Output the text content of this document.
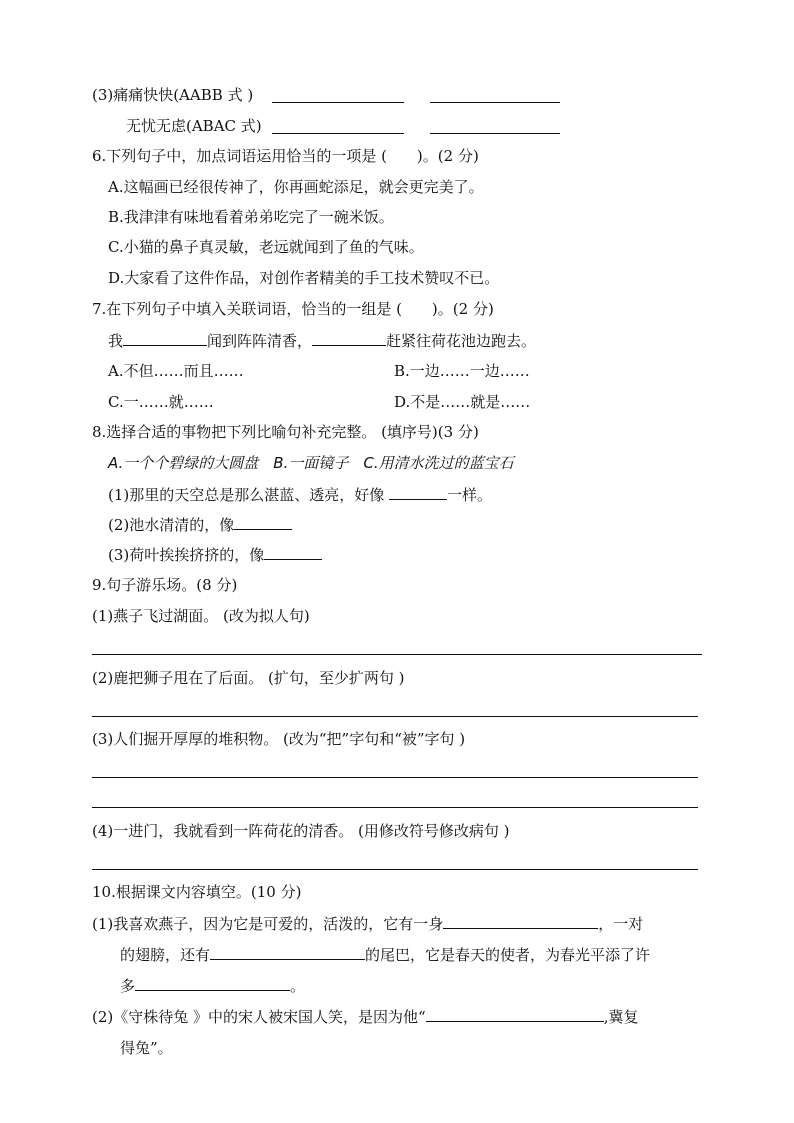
(3)痛痛快快(AABB 式 )
无忧无虑(ABAC 式)
6.下列句子中，加点词语运用恰当的一项是 (　　)。(2 分)
A.这幅画已经很传神了，你再画蛇添足，就会更完美了。
B.我津津有味地看着弟弟吃完了一碗米饭。
C.小猫的鼻子真灵敏，老远就闻到了鱼的气味。
D.大家看了这件作品，对创作者精美的手工技术赞叹不已。
7.在下列句子中填入关联词语，恰当的一组是 (　　)。(2 分)
我	闻到阵阵清香，	赶紧往荷花池边跑去。
A.不但……而且……	B.一边……一边……
C.一……就……	D.不是……就是……
8.选择合适的事物把下列比喻句补充完整。 (填序号)(3 分)
A.一个个碧绿的大圆盘　B.一面镜子　C.用清水洗过的蓝宝石
(1)那里的天空总是那么湛蓝、透亮，好像	一样。
(2)池水清清的，像
(3)荷叶挨挨挤挤的，像
9.句子游乐场。(8 分)
(1)燕子飞过湖面。 (改为拟人句)
(2)鹿把狮子甩在了后面。 (扩句，至少扩两句 )
(3)人们掘开厚厚的堆积物。 (改为“把”字句和“被”字句 )
(4)一进门，我就看到一阵荷花的清香。 (用修改符号修改病句 )
10.根据课文内容填空。(10 分)
(1)我喜欢燕子，因为它是可爱的，活泼的，它有一身	，一对
的翅膀，还有	的尾巴，它是春天的使者，为春光平添了许
多	。
(2)《守株待兔 》中的宋人被宋国人笑，是因为他“	,冀复
得兔”。
